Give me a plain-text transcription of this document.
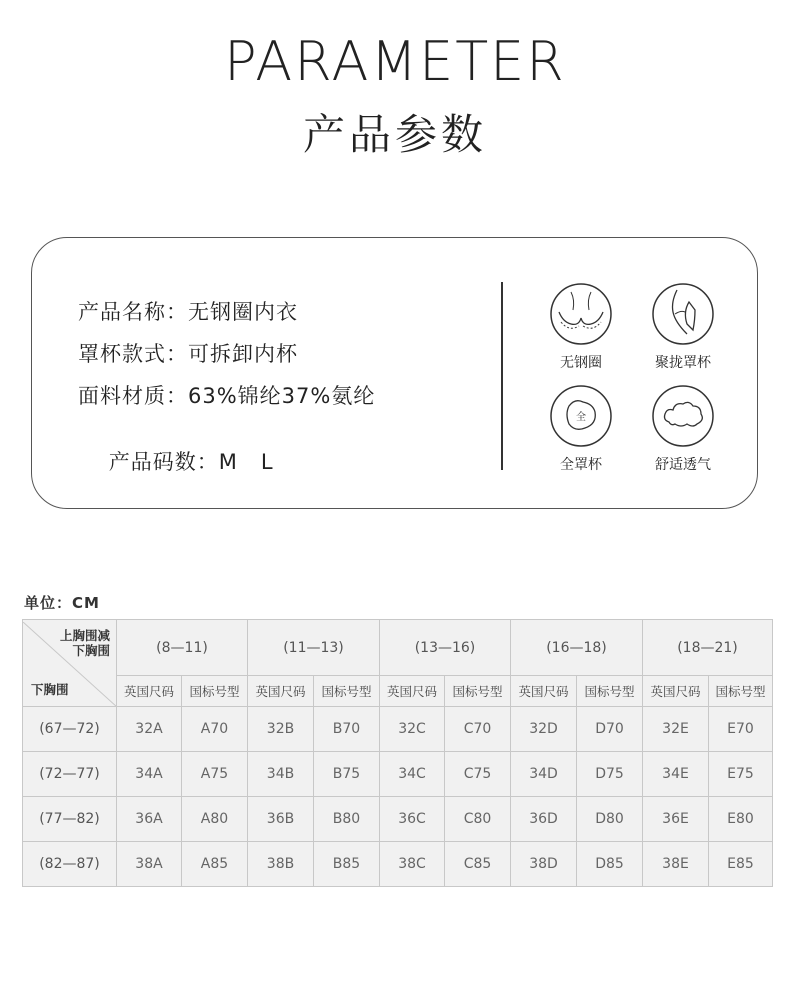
PARAMETER
产品参数
产品名称：无钢圈内衣
罩杯款式：可拆卸内杯
面料材质：63%锦纶37%氨纶

产品码数：M   L

无钢圈	聚拢罩杯
全
全罩杯	舒适透气
单位：CM
上胸围减
下胸围
下胸围	(8—11)		(11—13)		(13—16)		(16—18)		(18—21)	
	英国尺码	国标号型	英国尺码	国标号型	英国尺码	国标号型	英国尺码	国标号型	英国尺码	国标号型
(67—72)	32A	A70	32B	B70	32C	C70	32D	D70	32E	E70
(72—77)	34A	A75	34B	B75	34C	C75	34D	D75	34E	E75
(77—82)	36A	A80	36B	B80	36C	C80	36D	D80	36E	E80
(82—87)	38A	A85	38B	B85	38C	C85	38D	D85	38E	E85
